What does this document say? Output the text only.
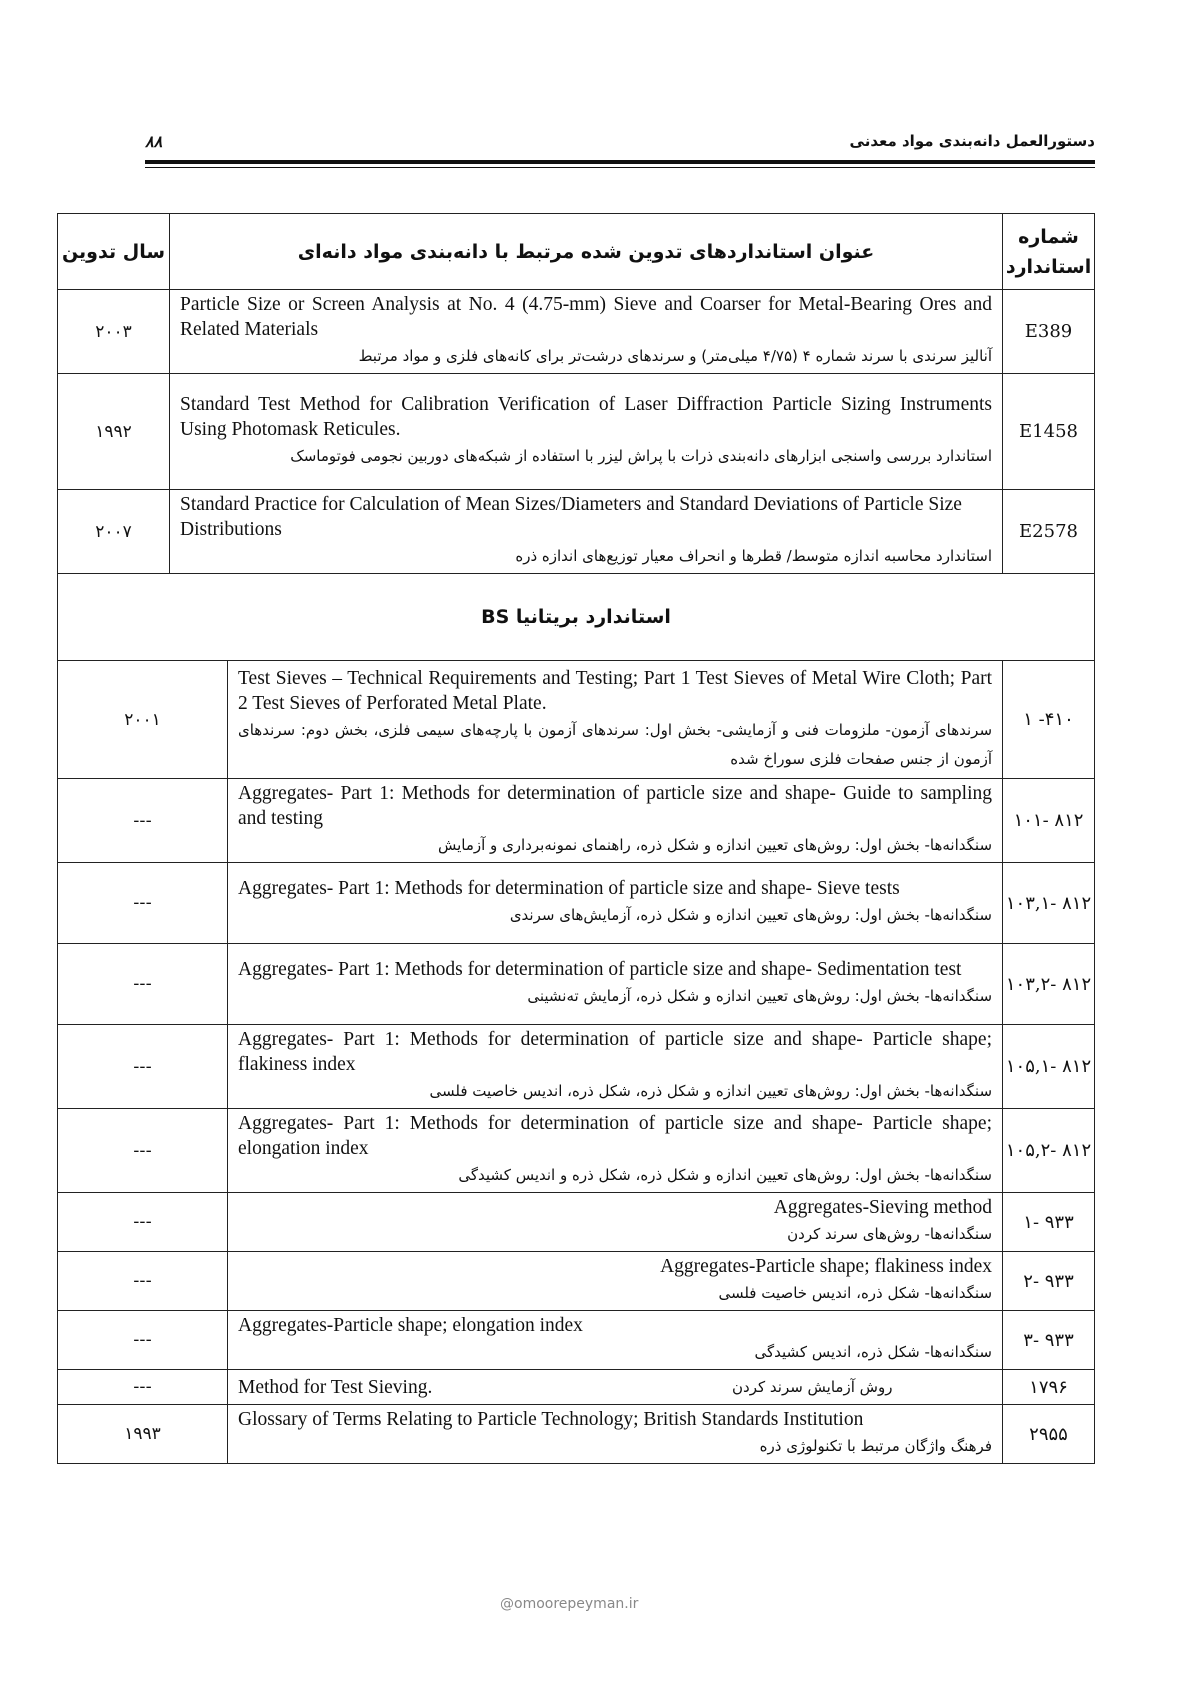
۸۸	دستورالعمل دانه‌بندی مواد معدنی
سال تدوین	عنوان استانداردهای تدوین شده مرتبط با دانه‌بندی مواد دانه‌ای		شماره استاندارد
۲۰۰۳	Particle Size or Screen Analysis at No. 4 (4.75-mm) Sieve and Coarser for Metal-Bearing Ores and Related Materials
آنالیز سرندی با سرند شماره ۴ (۴/۷۵ میلی‌متر) و سرندهای درشت‌تر برای کانه‌های فلزی و مواد مرتبط		E389
۱۹۹۲	Standard Test Method for Calibration Verification of Laser Diffraction Particle Sizing Instruments Using Photomask Reticules.
استاندارد بررسی واسنجی ابزارهای دانه‌بندی ذرات با پراش لیزر با استفاده از شبکه‌های دوربین نجومی فوتوماسک		E1458
۲۰۰۷	Standard Practice for Calculation of Mean Sizes/Diameters and Standard Deviations of Particle Size Distributions
استاندارد محاسبه اندازه متوسط/ قطرها و انحراف معیار توزیع‌های اندازه ذره		E2578
استاندارد بریتانیا BS			
۲۰۰۱		Test Sieves – Technical Requirements and Testing; Part 1 Test Sieves of Metal Wire Cloth; Part 2 Test Sieves of Perforated Metal Plate.
سرندهای آزمون- ملزومات فنی و آزمایشی- بخش اول: سرندهای آزمون با پارچه‌های سیمی فلزی، بخش دوم: سرندهای آزمون از جنس صفحات فلزی سوراخ شده	۴۱۰- ۱
---		Aggregates- Part 1: Methods for determination of particle size and shape- Guide to sampling and testing
سنگدانه‌ها- بخش اول: روش‌های تعیین اندازه و شکل ذره، راهنمای نمونه‌برداری و آزمایش	۸۱۲ -۱۰۱
---		Aggregates- Part 1: Methods for determination of particle size and shape- Sieve tests
سنگدانه‌ها- بخش اول: روش‌های تعیین اندازه و شکل ذره، آزمایش‌های سرندی	۸۱۲ -۱۰۳,۱
---		Aggregates- Part 1: Methods for determination of particle size and shape- Sedimentation test
سنگدانه‌ها- بخش اول: روش‌های تعیین اندازه و شکل ذره، آزمایش ته‌نشینی	۸۱۲ -۱۰۳,۲
---		Aggregates- Part 1: Methods for determination of particle size and shape- Particle shape; flakiness index
سنگدانه‌ها- بخش اول: روش‌های تعیین اندازه و شکل ذره، شکل ذره، اندیس خاصیت فلسی	۸۱۲ -۱۰۵,۱
---		Aggregates- Part 1: Methods for determination of particle size and shape- Particle shape; elongation index
سنگدانه‌ها- بخش اول: روش‌های تعیین اندازه و شکل ذره، شکل ذره و اندیس کشیدگی	۸۱۲ -۱۰۵,۲
---		Aggregates-Sieving method
سنگدانه‌ها- روش‌های سرند کردن	۹۳۳ -۱
---		Aggregates-Particle shape; flakiness index
سنگدانه‌ها- شکل ذره، اندیس خاصیت فلسی	۹۳۳ -۲
---		Aggregates-Particle shape; elongation index
سنگدانه‌ها- شکل ذره، اندیس کشیدگی	۹۳۳ -۳
---		Method for Test Sieving. روش آزمایش سرند کردن	۱۷۹۶
۱۹۹۳		Glossary of Terms Relating to Particle Technology; British Standards Institution
فرهنگ واژگان مرتبط با تکنولوژی ذره	۲۹۵۵
@omoorepeyman.ir
